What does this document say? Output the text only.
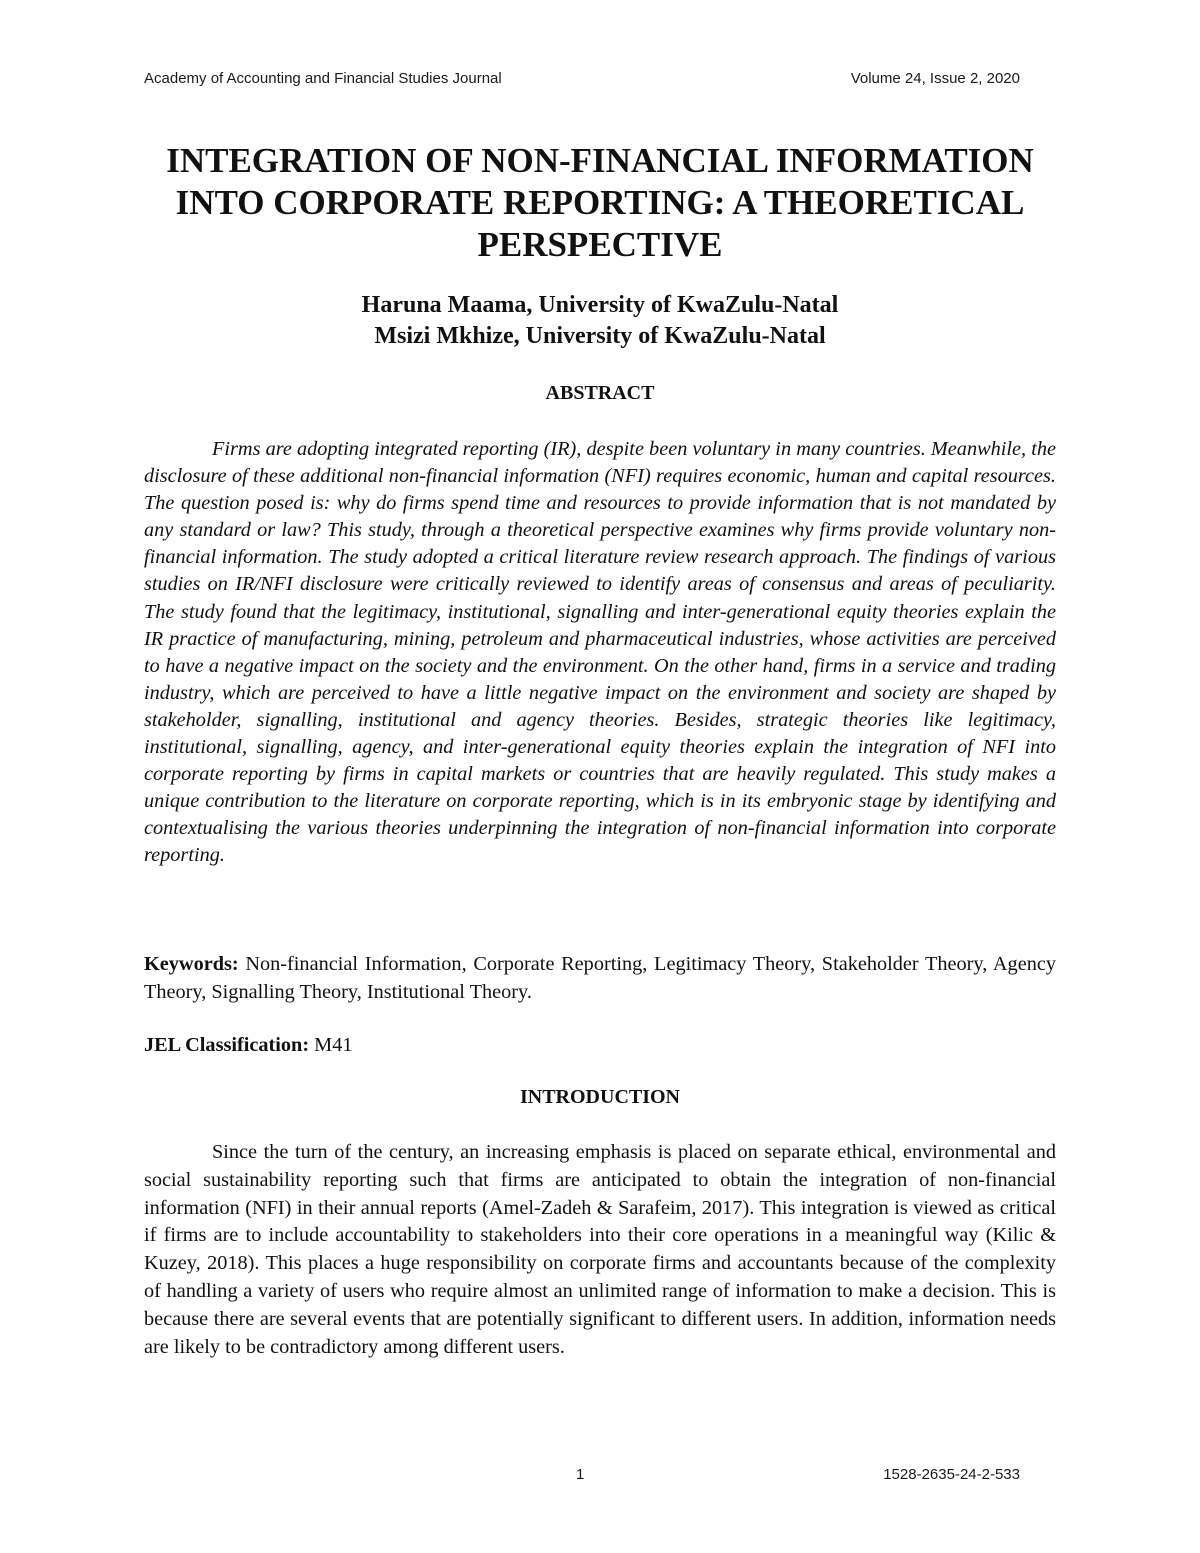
Academy of Accounting and Financial Studies Journal	Volume 24, Issue 2, 2020
INTEGRATION OF NON-FINANCIAL INFORMATION
INTO CORPORATE REPORTING: A THEORETICAL
PERSPECTIVE
Haruna Maama, University of KwaZulu-Natal
Msizi Mkhize, University of KwaZulu-Natal
ABSTRACT

Firms are adopting integrated reporting (IR), despite been voluntary in many countries. Meanwhile, the disclosure of these additional non-financial information (NFI) requires economic, human and capital resources. The question posed is: why do firms spend time and resources to provide information that is not mandated by any standard or law? This study, through a theoretical perspective examines why firms provide voluntary non-financial information. The study adopted a critical literature review research approach. The findings of various studies on IR/NFI disclosure were critically reviewed to identify areas of consensus and areas of peculiarity. The study found that the legitimacy, institutional, signalling and inter-generational equity theories explain the IR practice of manufacturing, mining, petroleum and pharmaceutical industries, whose activities are perceived to have a negative impact on the society and the environment. On the other hand, firms in a service and trading industry, which are perceived to have a little negative impact on the environment and society are shaped by stakeholder, signalling, institutional and agency theories. Besides, strategic theories like legitimacy, institutional, signalling, agency, and inter-generational equity theories explain the integration of NFI into corporate reporting by firms in capital markets or countries that are heavily regulated. This study makes a unique contribution to the literature on corporate reporting, which is in its embryonic stage by identifying and contextualising the various theories underpinning the integration of non-financial information into corporate reporting.

Keywords: Non-financial Information, Corporate Reporting, Legitimacy Theory, Stakeholder Theory, Agency Theory, Signalling Theory, Institutional Theory.

JEL Classification: M41

INTRODUCTION

Since the turn of the century, an increasing emphasis is placed on separate ethical, environmental and social sustainability reporting such that firms are anticipated to obtain the integration of non-financial information (NFI) in their annual reports (Amel-Zadeh & Sarafeim, 2017). This integration is viewed as critical if firms are to include accountability to stakeholders into their core operations in a meaningful way (Kilic & Kuzey, 2018). This places a huge responsibility on corporate firms and accountants because of the complexity of handling a variety of users who require almost an unlimited range of information to make a decision. This is because there are several events that are potentially significant to different users. In addition, information needs are likely to be contradictory among different users.

1	1528-2635-24-2-533
